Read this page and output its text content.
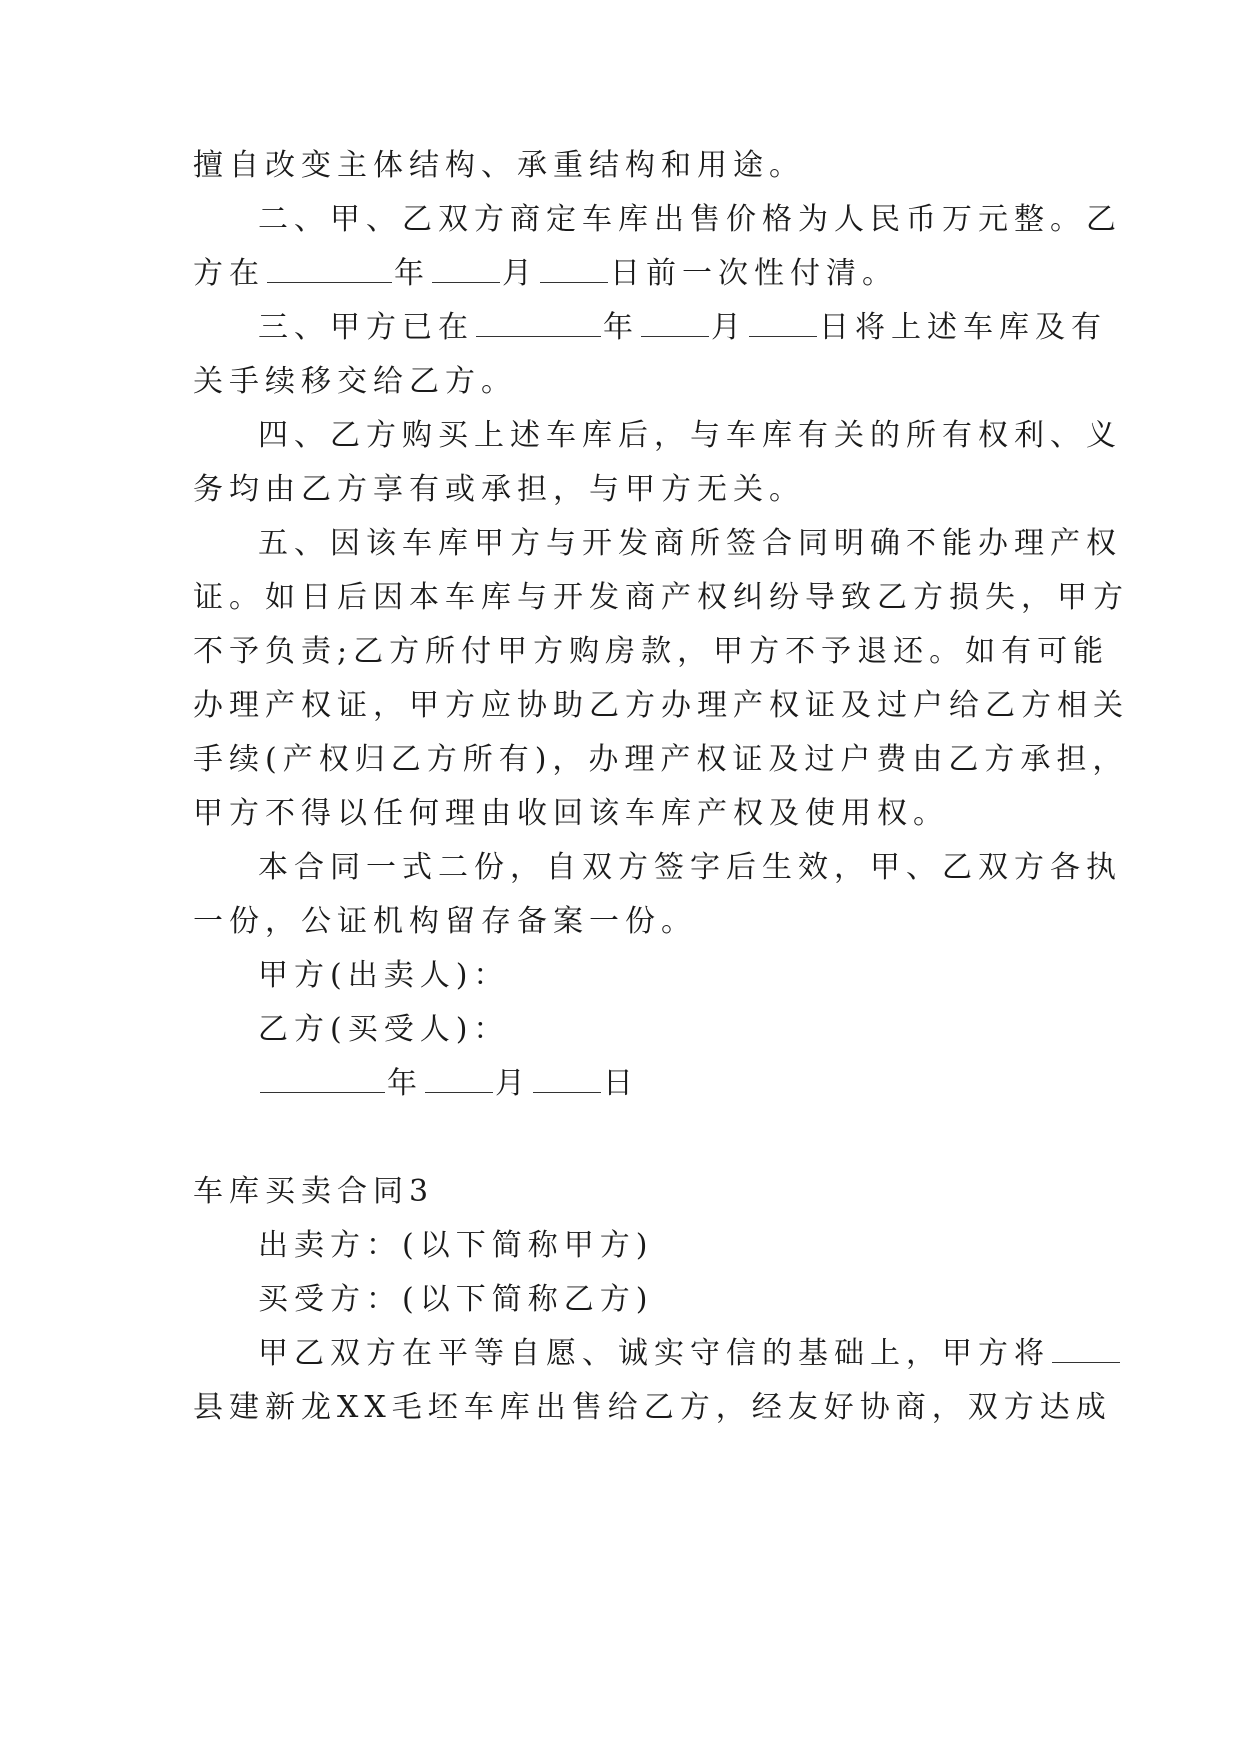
擅自改变主体结构、承重结构和用途。

二、甲、乙双方商定车库出售价格为人民币万元整。乙

方在	年 月 日前一次性付清。

三、甲方已在	年 月 日将上述车库及有

关手续移交给乙方。

四、乙方购买上述车库后，与车库有关的所有权利、义

务均由乙方享有或承担，与甲方无关。

五、因该车库甲方与开发商所签合同明确不能办理产权

证。如日后因本车库与开发商产权纠纷导致乙方损失，甲方

不予负责;乙方所付甲方购房款，甲方不予退还。如有可能

办理产权证，甲方应协助乙方办理产权证及过户给乙方相关

手续(产权归乙方所有)，办理产权证及过户费由乙方承担，

甲方不得以任何理由收回该车库产权及使用权。

本合同一式二份，自双方签字后生效，甲、乙双方各执

一份，公证机构留存备案一份。

甲方(出卖人)：

乙方(买受人)：

年 月 日

车库买卖合同3

出卖方：(以下简称甲方)

买受方：(以下简称乙方)

甲乙双方在平等自愿、诚实守信的基础上，甲方将

县建新龙XX毛坯车库出售给乙方，经友好协商，双方达成
